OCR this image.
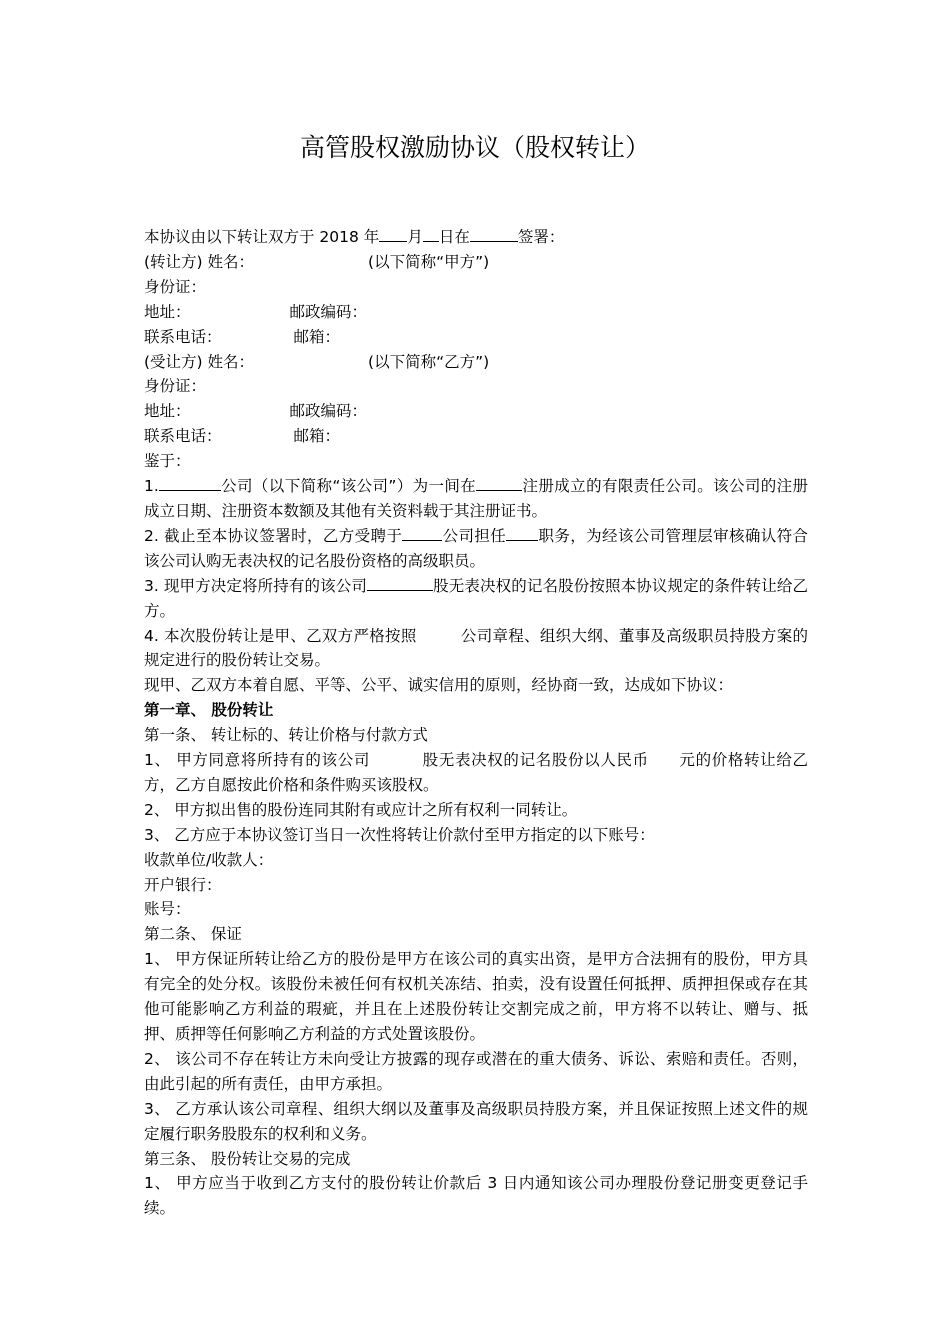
高管股权激励协议（股权转让）

本协议由以下转让双方于 2018 年 月 日在	签署：

(转让方) 姓名：	(以下简称“甲方”)

身份证：

地址：	邮政编码：

联系电话：	邮箱：

(受让方) 姓名：	(以下简称“乙方”)

身份证：

地址：	邮政编码：

联系电话：	邮箱：

鉴于：

1.	公司（以下简称“该公司”）为一间在	注册成立的有限责任公司。该公司的注册成立日期、注册资本数额及其他有关资料载于其注册证书。

2. 截止至本协议签署时，乙方受聘于	公司担任 职务，为经该公司管理层审核确认符合该公司认购无表决权的记名股份资格的高级职员。

3. 现甲方决定将所持有的该公司	股无表决权的记名股份按照本协议规定的条件转让给乙方。

4. 本次股份转让是甲、乙双方严格按照	公司章程、组织大纲、董事及高级职员持股方案的规定进行的股份转让交易。

现甲、乙双方本着自愿、平等、公平、诚实信用的原则，经协商一致，达成如下协议：

第一章、 股份转让

第一条、 转让标的、转让价格与付款方式

1、 甲方同意将所持有的该公司	股无表决权的记名股份以人民币 元的价格转让给乙方，乙方自愿按此价格和条件购买该股权。

2、 甲方拟出售的股份连同其附有或应计之所有权利一同转让。

3、 乙方应于本协议签订当日一次性将转让价款付至甲方指定的以下账号：

收款单位/收款人：

开户银行：

账号：

第二条、 保证

1、 甲方保证所转让给乙方的股份是甲方在该公司的真实出资，是甲方合法拥有的股份，甲方具有完全的处分权。该股份未被任何有权机关冻结、拍卖，没有设置任何抵押、质押担保或存在其他可能影响乙方利益的瑕疵，并且在上述股份转让交割完成之前，甲方将不以转让、赠与、抵押、质押等任何影响乙方利益的方式处置该股份。

2、 该公司不存在转让方未向受让方披露的现存或潜在的重大债务、诉讼、索赔和责任。否则，由此引起的所有责任，由甲方承担。

3、 乙方承认该公司章程、组织大纲以及董事及高级职员持股方案，并且保证按照上述文件的规定履行职务股股东的权利和义务。

第三条、 股份转让交易的完成

1、 甲方应当于收到乙方支付的股份转让价款后 3 日内通知该公司办理股份登记册变更登记手续。
